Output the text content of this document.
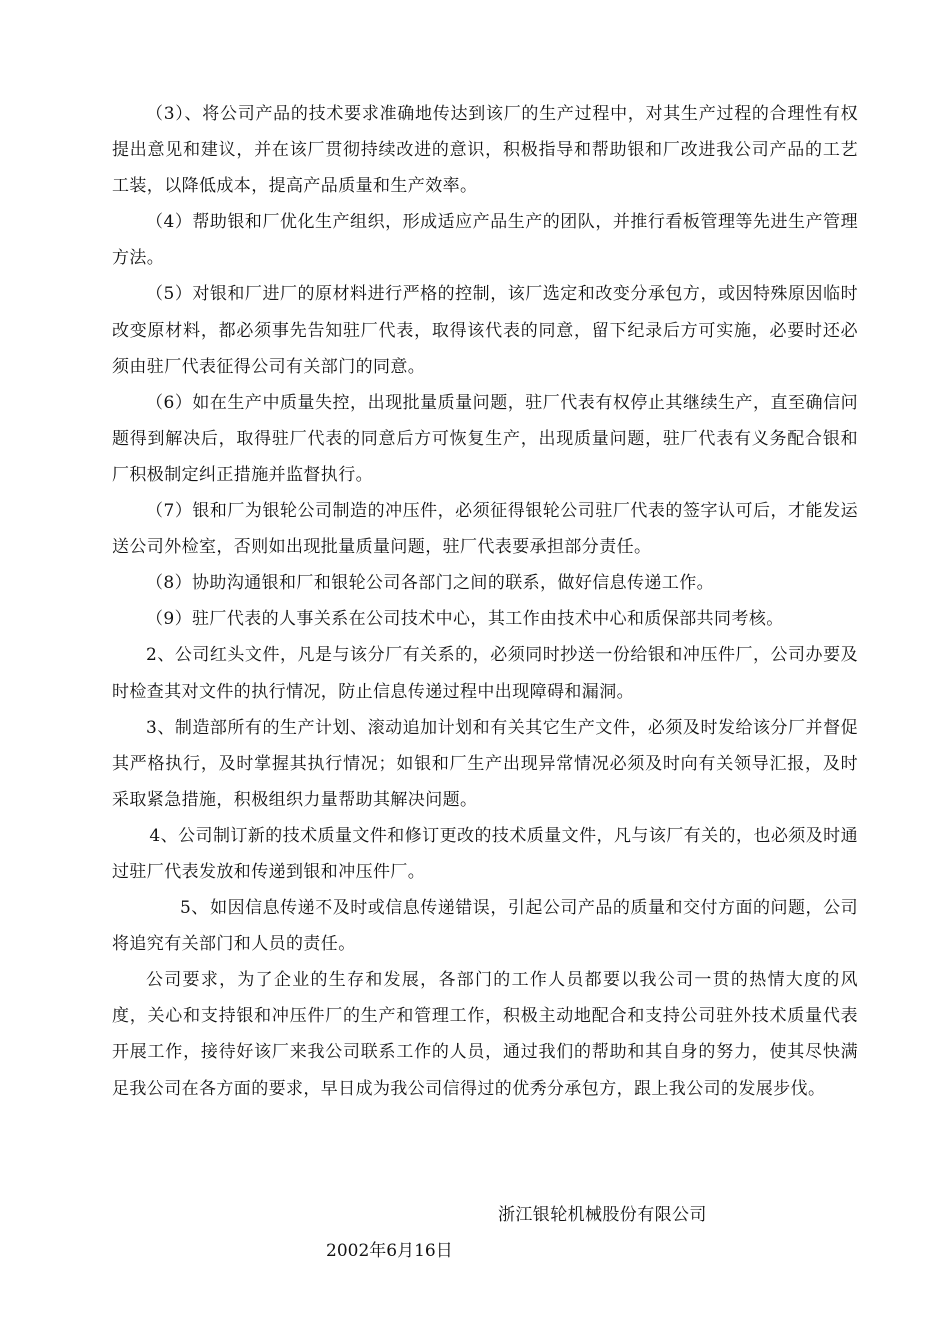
（3）、将公司产品的技术要求准确地传达到该厂的生产过程中，对其生产过程的合理性有权提出意见和建议，并在该厂贯彻持续改进的意识，积极指导和帮助银和厂改进我公司产品的工艺工装，以降低成本，提高产品质量和生产效率。

（4）帮助银和厂优化生产组织，形成适应产品生产的团队，并推行看板管理等先进生产管理方法。

（5）对银和厂进厂的原材料进行严格的控制，该厂选定和改变分承包方，或因特殊原因临时改变原材料，都必须事先告知驻厂代表，取得该代表的同意，留下纪录后方可实施，必要时还必须由驻厂代表征得公司有关部门的同意。

（6）如在生产中质量失控，出现批量质量问题，驻厂代表有权停止其继续生产，直至确信问题得到解决后，取得驻厂代表的同意后方可恢复生产，出现质量问题，驻厂代表有义务配合银和厂积极制定纠正措施并监督执行。

（7）银和厂为银轮公司制造的冲压件，必须征得银轮公司驻厂代表的签字认可后，才能发运送公司外检室，否则如出现批量质量问题，驻厂代表要承担部分责任。

（8）协助沟通银和厂和银轮公司各部门之间的联系，做好信息传递工作。

（9）驻厂代表的人事关系在公司技术中心，其工作由技术中心和质保部共同考核。

2、公司红头文件，凡是与该分厂有关系的，必须同时抄送一份给银和冲压件厂，公司办要及时检查其对文件的执行情况，防止信息传递过程中出现障碍和漏洞。

3、制造部所有的生产计划、滚动追加计划和有关其它生产文件，必须及时发给该分厂并督促其严格执行，及时掌握其执行情况；如银和厂生产出现异常情况必须及时向有关领导汇报，及时采取紧急措施，积极组织力量帮助其解决问题。

4、公司制订新的技术质量文件和修订更改的技术质量文件，凡与该厂有关的，也必须及时通过驻厂代表发放和传递到银和冲压件厂。

5、如因信息传递不及时或信息传递错误，引起公司产品的质量和交付方面的问题，公司将追究有关部门和人员的责任。

公司要求，为了企业的生存和发展，各部门的工作人员都要以我公司一贯的热情大度的风度，关心和支持银和冲压件厂的生产和管理工作，积极主动地配合和支持公司驻外技术质量代表开展工作，接待好该厂来我公司联系工作的人员，通过我们的帮助和其自身的努力，使其尽快满足我公司在各方面的要求，早日成为我公司信得过的优秀分承包方，跟上我公司的发展步伐。

浙江银轮机械股份有限公司
2002年6月16日
